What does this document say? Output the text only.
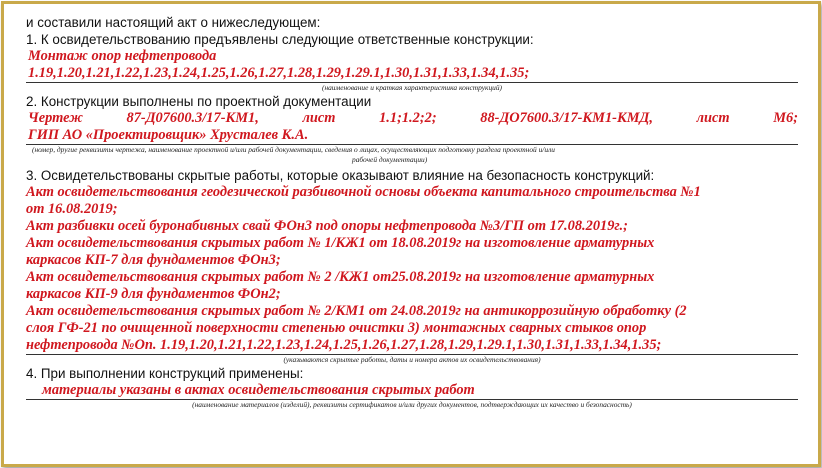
и составили настоящий акт о нижеследующем:
1. К освидетельствованию предъявлены следующие ответственные конструкции:
Монтаж опор нефтепровода
1.19,1.20,1.21,1.22,1.23,1.24,1.25,1.26,1.27,1.28,1.29,1.29.1,1.30,1.31,1.33,1.34,1.35;
(наименование и краткая характеристика конструкций)
2. Конструкции выполнены по проектной документации
Чертеж	87-Д07600.3/17-КМ1,	лист	1.1;1.2;2;	88-ДО7600.3/17-КМ1-КМД,	лист	М6;
ГИП АО «Проектировщик» Хрусталев К.А.
(номер, другие реквизиты чертежа, наименование проектной и/или рабочей документации, сведения о лицах, осуществляющих подготовку раздела проектной и/или
рабочей документации)
3. Освидетельствованы скрытые работы, которые оказывают влияние на безопасность конструкций:
Акт освидетельствования геодезической разбивочной основы объекта капитального строительства №1
от 16.08.2019;
Акт разбивки осей буронабивных свай ФОн3 под опоры нефтепровода №3/ГП от 17.08.2019г.;
Акт освидетельствования скрытых работ № 1/КЖ1 от 18.08.2019г на изготовление арматурных
каркасов КП-7 для фундаментов ФОн3;
Акт освидетельствования скрытых работ № 2 /КЖ1 от25.08.2019г на изготовление арматурных
каркасов КП-9 для фундаментов ФОн2;
Акт освидетельствования скрытых работ № 2/КМ1 от 24.08.2019г на антикоррозийную обработку (2
слоя ГФ-21 по очищенной поверхности степенью очистки 3) монтажных сварных стыков опор
нефтепровода №Оп. 1.19,1.20,1.21,1.22,1.23,1.24,1.25,1.26,1.27,1.28,1.29,1.29.1,1.30,1.31,1.33,1.34,1.35;
(указываются скрытые работы, даты и номера актов их освидетельствования)
4. При выполнении конструкций применены:
материалы указаны в актах освидетельствования скрытых работ
(наименование материалов (изделий), реквизиты сертификатов и/или других документов, подтверждающих их качество и безопасность)
